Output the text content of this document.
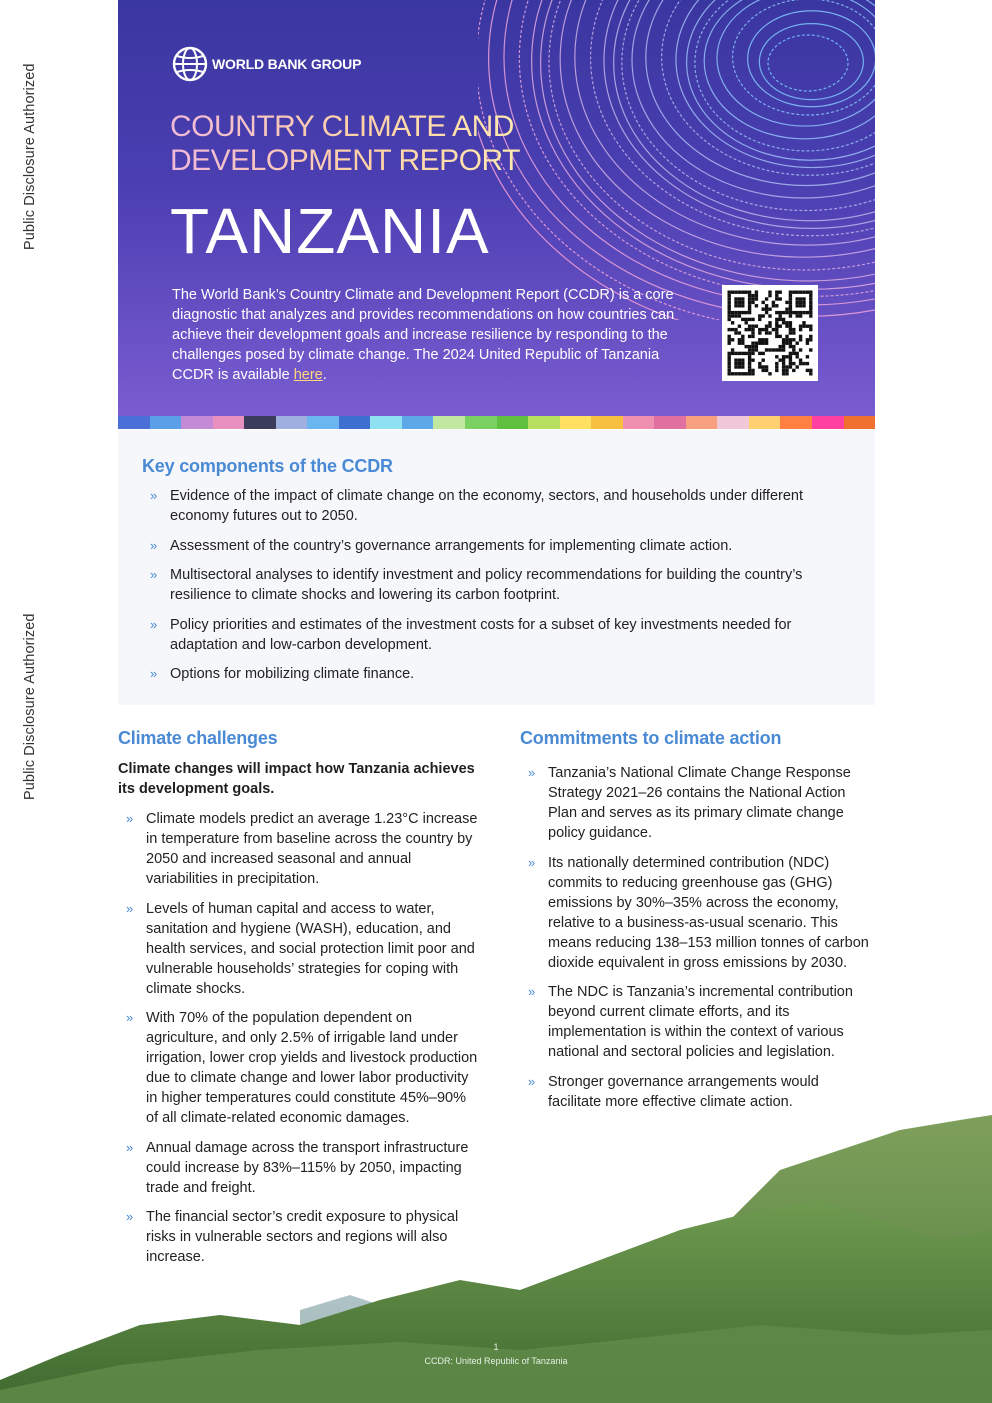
Public Disclosure Authorized
Public Disclosure Authorized
WORLD BANK GROUP
COUNTRY CLIMATE AND
DEVELOPMENT REPORT
TANZANIA
The World Bank’s Country Climate and Development Report (CCDR) is a core diagnostic that analyzes and provides recommendations on how countries can achieve their development goals and increase resilience by responding to the challenges posed by climate change. The 2024 United Republic of Tanzania CCDR is available here.
Key components of the CCDR
» Evidence of the impact of climate change on the economy, sectors, and households under different economy futures out to 2050.
» Assessment of the country’s governance arrangements for implementing climate action.
» Multisectoral analyses to identify investment and policy recommendations for building the country’s resilience to climate shocks and lowering its carbon footprint.
» Policy priorities and estimates of the investment costs for a subset of key investments needed for adaptation and low-carbon development.
» Options for mobilizing climate finance.
Climate challenges
Climate changes will impact how Tanzania achieves its development goals.
» Climate models predict an average 1.23°C increase in temperature from baseline across the country by 2050 and increased seasonal and annual variabilities in precipitation.
» Levels of human capital and access to water, sanitation and hygiene (WASH), education, and health services, and social protection limit poor and vulnerable households’ strategies for coping with climate shocks.
» With 70% of the population dependent on agriculture, and only 2.5% of irrigable land under irrigation, lower crop yields and livestock production due to climate change and lower labor productivity in higher temperatures could constitute 45%–90% of all climate-related economic damages.
» Annual damage across the transport infrastructure could increase by 83%–115% by 2050, impacting trade and freight.
» The financial sector’s credit exposure to physical risks in vulnerable sectors and regions will also increase.
Commitments to climate action
» Tanzania’s National Climate Change Response Strategy 2021–26 contains the National Action Plan and serves as its primary climate change policy guidance.
» Its nationally determined contribution (NDC) commits to reducing greenhouse gas (GHG) emissions by 30%–35% across the economy, relative to a business-as-usual scenario. This means reducing 138–153 million tonnes of carbon dioxide equivalent in gross emissions by 2030.
» The NDC is Tanzania’s incremental contribution beyond current climate efforts, and its implementation is within the context of various national and sectoral policies and legislation.
» Stronger governance arrangements would facilitate more effective climate action.
1
CCDR: United Republic of Tanzania
